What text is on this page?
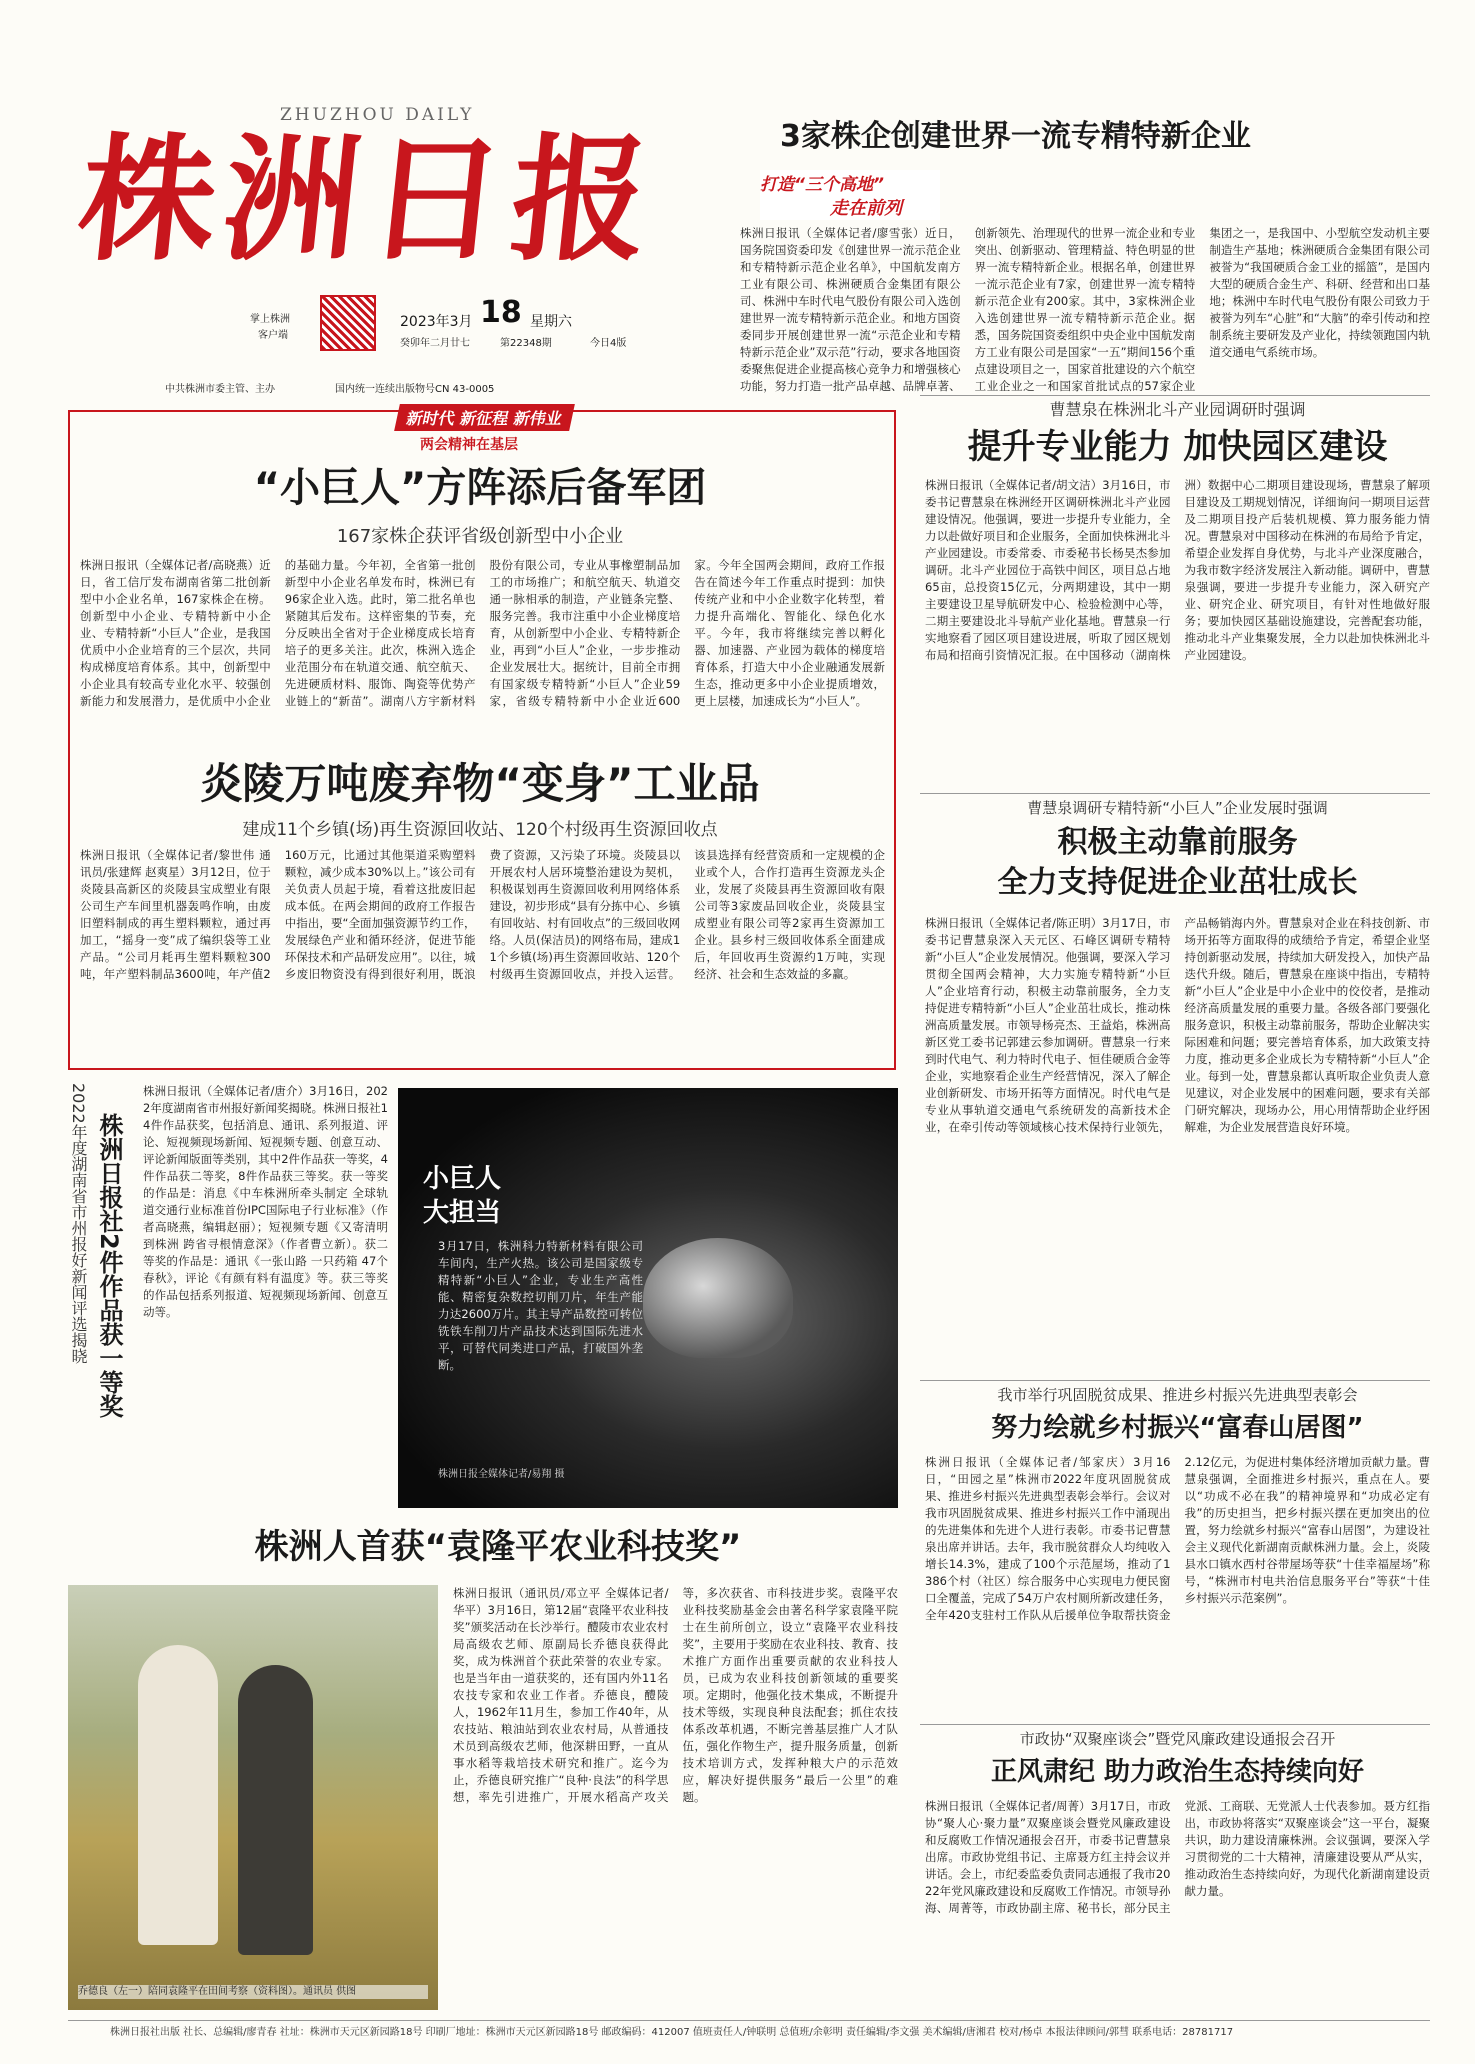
ZHUZHOU DAILY
株洲日报
掌上株洲
客户端
2023年3月 18 星期六
癸卯年二月廿七	第22348期	今日4版
中共株洲市委主管、主办	国内统一连续出版物号CN 43-0005
3家株企创建世界一流专精特新企业
打造“三个高地”
走在前列
株洲日报讯（全媒体记者/廖雪张）近日，国务院国资委印发《创建世界一流示范企业和专精特新示范企业名单》，中国航发南方工业有限公司、株洲硬质合金集团有限公司、株洲中车时代电气股份有限公司入选创建世界一流专精特新示范企业。和地方国资委同步开展创建世界一流“示范企业和专精特新示范企业”双示范”行动，要求各地国资委聚焦促进企业提高核心竞争力和增强核心功能，努力打造一批产品卓越、品牌卓著、创新领先、治理现代的世界一流企业和专业突出、创新驱动、管理精益、特色明显的世界一流专精特新企业。根据名单，创建世界一流示范企业有7家，创建世界一流专精特新示范企业有200家。其中，3家株洲企业入选创建世界一流专精特新示范企业。据悉，国务院国资委组织中央企业中国航发南方工业有限公司是国家“一五”期间156个重点建设项目之一，国家首批建设的六个航空工业企业之一和国家首批试点的57家企业集团之一，是我国中、小型航空发动机主要制造生产基地；株洲硬质合金集团有限公司被誉为“我国硬质合金工业的摇篮”，是国内大型的硬质合金生产、科研、经营和出口基地；株洲中车时代电气股份有限公司致力于被誉为列车“心脏”和“大脑”的牵引传动和控制系统主要研发及产业化，持续领跑国内轨道交通电气系统市场。
新时代 新征程 新伟业
两会精神在基层
“小巨人”方阵添后备军团
167家株企获评省级创新型中小企业
株洲日报讯（全媒体记者/高晓燕）近日，省工信厅发布湖南省第二批创新型中小企业名单，167家株企在榜。创新型中小企业、专精特新中小企业、专精特新“小巨人”企业，是我国优质中小企业培育的三个层次，共同构成梯度培育体系。其中，创新型中小企业具有较高专业化水平、较强创新能力和发展潜力，是优质中小企业的基础力量。今年初，全省第一批创新型中小企业名单发布时，株洲已有96家企业入选。此时，第二批名单也紧随其后发布。这样密集的节奏，充分反映出全省对于企业梯度成长培育培子的更多关注。此次，株洲入选企业范围分布在轨道交通、航空航天、先进硬质材料、服饰、陶瓷等优势产业链上的“新苗”。湖南八方宇新材料股份有限公司，专业从事橡塑制品加工的市场推广；和航空航天、轨道交通一脉相承的制造，产业链条完整、服务完善。我市注重中小企业梯度培育，从创新型中小企业、专精特新企业，再到“小巨人”企业，一步步推动企业发展壮大。据统计，目前全市拥有国家级专精特新“小巨人”企业59家，省级专精特新中小企业近600家。今年全国两会期间，政府工作报告在简述今年工作重点时提到：加快传统产业和中小企业数字化转型，着力提升高端化、智能化、绿色化水平。今年，我市将继续完善以孵化器、加速器、产业园为载体的梯度培育体系，打造大中小企业融通发展新生态，推动更多中小企业提质增效，更上层楼，加速成长为“小巨人”。
炎陵万吨废弃物“变身”工业品
建成11个乡镇(场)再生资源回收站、120个村级再生资源回收点
株洲日报讯（全媒体记者/黎世伟 通讯员/张建辉 赵爽星）3月12日，位于炎陵县高新区的炎陵县宝成塑业有限公司生产车间里机器轰鸣作响，由废旧塑料制成的再生塑料颗粒，通过再加工，“摇身一变”成了编织袋等工业产品。“公司月耗再生塑料颗粒300吨，年产塑料制品3600吨，年产值2160万元，比通过其他渠道采购塑料颗粒，减少成本30%以上。”该公司有关负责人员起于境，看着这批废旧起成本低。在两会期间的政府工作报告中指出，要“全面加强资源节约工作，发展绿色产业和循环经济，促进节能环保技术和产品研发应用”。以往，城乡废旧物资没有得到很好利用，既浪费了资源，又污染了环境。炎陵县以开展农村人居环境整治建设为契机，积极谋划再生资源回收利用网络体系建设，初步形成“县有分拣中心、乡镇有回收站、村有回收点”的三级回收网络。人员(保洁员)的网络布局，建成11个乡镇(场)再生资源回收站、120个村级再生资源回收点，并投入运营。该县选择有经营资质和一定规模的企业或个人，合作打造再生资源龙头企业，发展了炎陵县再生资源回收有限公司等3家废品回收企业，炎陵县宝成塑业有限公司等2家再生资源加工企业。县乡村三级回收体系全面建成后，年回收再生资源约1万吨，实现经济、社会和生态效益的多赢。
曹慧泉在株洲北斗产业园调研时强调
提升专业能力 加快园区建设
株洲日报讯（全媒体记者/胡文洁）3月16日，市委书记曹慧泉在株洲经开区调研株洲北斗产业园建设情况。他强调，要进一步提升专业能力，全力以赴做好项目和企业服务，全面加快株洲北斗产业园建设。市委常委、市委秘书长杨昊杰参加调研。北斗产业园位于高铁中间区，项目总占地65亩，总投资15亿元，分两期建设，其中一期主要建设卫星导航研发中心、检验检测中心等，二期主要建设北斗导航产业化基地。曹慧泉一行实地察看了园区项目建设进展，听取了园区规划布局和招商引资情况汇报。在中国移动（湖南株洲）数据中心二期项目建设现场，曹慧泉了解项目建设及工期规划情况，详细询问一期项目运营及二期项目投产后装机规模、算力服务能力情况。曹慧泉对中国移动在株洲的布局给予肯定，希望企业发挥自身优势，与北斗产业深度融合，为我市数字经济发展注入新动能。调研中，曹慧泉强调，要进一步提升专业能力，深入研究产业、研究企业、研究项目，有针对性地做好服务；要加快园区基础设施建设，完善配套功能，推动北斗产业集聚发展，全力以赴加快株洲北斗产业园建设。
曹慧泉调研专精特新“小巨人”企业发展时强调
积极主动靠前服务
全力支持促进企业茁壮成长
株洲日报讯（全媒体记者/陈正明）3月17日，市委书记曹慧泉深入天元区、石峰区调研专精特新“小巨人”企业发展情况。他强调，要深入学习贯彻全国两会精神，大力实施专精特新“小巨人”企业培育行动，积极主动靠前服务，全力支持促进专精特新“小巨人”企业茁壮成长，推动株洲高质量发展。市领导杨亮杰、王益焰，株洲高新区党工委书记郭建云参加调研。曹慧泉一行来到时代电气、利力特时代电子、恒佳硬质合金等企业，实地察看企业生产经营情况，深入了解企业创新研发、市场开拓等方面情况。时代电气是专业从事轨道交通电气系统研发的高新技术企业，在牵引传动等领域核心技术保持行业领先，产品畅销海内外。曹慧泉对企业在科技创新、市场开拓等方面取得的成绩给予肯定，希望企业坚持创新驱动发展，持续加大研发投入，加快产品迭代升级。随后，曹慧泉在座谈中指出，专精特新“小巨人”企业是中小企业中的佼佼者，是推动经济高质量发展的重要力量。各级各部门要强化服务意识，积极主动靠前服务，帮助企业解决实际困难和问题；要完善培育体系，加大政策支持力度，推动更多企业成长为专精特新“小巨人”企业。每到一处，曹慧泉都认真听取企业负责人意见建议，对企业发展中的困难问题，要求有关部门研究解决，现场办公，用心用情帮助企业纾困解难，为企业发展营造良好环境。
我市举行巩固脱贫成果、推进乡村振兴先进典型表彰会
努力绘就乡村振兴“富春山居图”
株洲日报讯（全媒体记者/邹家庆）3月16日，“田园之星”株洲市2022年度巩固脱贫成果、推进乡村振兴先进典型表彰会举行。会议对我市巩固脱贫成果、推进乡村振兴工作中涌现出的先进集体和先进个人进行表彰。市委书记曹慧泉出席并讲话。去年，我市脱贫群众人均纯收入增长14.3%，建成了100个示范屋场，推动了1386个村（社区）综合服务中心实现电力便民窗口全覆盖，完成了54万户农村厕所新改建任务，全年420支驻村工作队从后援单位争取帮扶资金2.12亿元，为促进村集体经济增加贡献力量。曹慧泉强调，全面推进乡村振兴，重点在人。要以“功成不必在我”的精神境界和“功成必定有我”的历史担当，把乡村振兴摆在更加突出的位置，努力绘就乡村振兴“富春山居图”，为建设社会主义现代化新湖南贡献株洲力量。会上，炎陵县水口镇水西村谷带屋场等获“十佳幸福屋场”称号，“株洲市村电共治信息服务平台”等获“十佳乡村振兴示范案例”。
市政协“双聚座谈会”暨党风廉政建设通报会召开
正风肃纪 助力政治生态持续向好
株洲日报讯（全媒体记者/周菁）3月17日，市政协“聚人心·聚力量”双聚座谈会暨党风廉政建设和反腐败工作情况通报会召开，市委书记曹慧泉出席。市政协党组书记、主席聂方红主持会议并讲话。会上，市纪委监委负责同志通报了我市2022年党风廉政建设和反腐败工作情况。市领导孙海、周菁等，市政协副主席、秘书长，部分民主党派、工商联、无党派人士代表参加。聂方红指出，市政协将落实“双聚座谈会”这一平台，凝聚共识，助力建设清廉株洲。会议强调，要深入学习贯彻党的二十大精神，清廉建设要从严从实，推动政治生态持续向好，为现代化新湖南建设贡献力量。
2022年度湖南省市州报好新闻评选揭晓 株洲日报社2件作品获一等奖
株洲日报讯（全媒体记者/唐介）3月16日，2022年度湖南省市州报好新闻奖揭晓。株洲日报社14件作品获奖，包括消息、通讯、系列报道、评论、短视频现场新闻、短视频专题、创意互动、评论新闻版面等类别，其中2件作品获一等奖，4件作品获二等奖，8件作品获三等奖。获一等奖的作品是：消息《中车株洲所牵头制定 全球轨道交通行业标准首份IPC国际电子行业标准》（作者高晓燕，编辑赵丽）；短视频专题《又寄清明到株洲 跨省寻根情意深》（作者曹立新）。获二等奖的作品是：通讯《一张山路 一只药箱 47个春秋》，评论《有颜有料有温度》等。获三等奖的作品包括系列报道、短视频现场新闻、创意互动等。
小巨人
大担当
3月17日，株洲科力特新材料有限公司车间内，生产火热。该公司是国家级专精特新“小巨人”企业，专业生产高性能、精密复杂数控切削刀片，年生产能力达2600万片。其主导产品数控可转位铣铁车削刀片产品技术达到国际先进水平，可替代同类进口产品，打破国外垄断。
株洲日报全媒体记者/易翔 摄
株洲人首获“袁隆平农业科技奖”
乔德良（左一）陪同袁隆平在田间考察（资料图）。通讯员 供图
株洲日报讯（通讯员/邓立平 全媒体记者/华平）3月16日，第12届“袁隆平农业科技奖”颁奖活动在长沙举行。醴陵市农业农村局高级农艺师、原副局长乔德良获得此奖，成为株洲首个获此荣誉的农业专家。也是当年由一道获奖的，还有国内外11名农技专家和农业工作者。乔德良，醴陵人，1962年11月生，参加工作40年，从农技站、粮油站到农业农村局，从普通技术员到高级农艺师，他深耕田野，一直从事水稻等栽培技术研究和推广。迄今为止，乔德良研究推广“良种·良法”的科学思想，率先引进推广，开展水稻高产攻关等，多次获省、市科技进步奖。袁隆平农业科技奖励基金会由著名科学家袁隆平院士在生前所创立，设立“袁隆平农业科技奖”，主要用于奖励在农业科技、教育、技术推广方面作出重要贡献的农业科技人员，已成为农业科技创新领域的重要奖项。定期时，他强化技术集成，不断提升技术等级，实现良种良法配套；抓住农技体系改革机遇，不断完善基层推广人才队伍，强化作物生产，提升服务质量，创新技术培训方式，发挥种粮大户的示范效应，解决好提供服务“最后一公里”的难题。
株洲日报社出版 社长、总编辑/廖青春 社址：株洲市天元区新园路18号 印刷厂地址：株洲市天元区新园路18号 邮政编码：412007 值班责任人/钟联明 总值班/余彰明 责任编辑/李文强 美术编辑/唐湘君 校对/杨卓 本报法律顾问/郭彗 联系电话：28781717
